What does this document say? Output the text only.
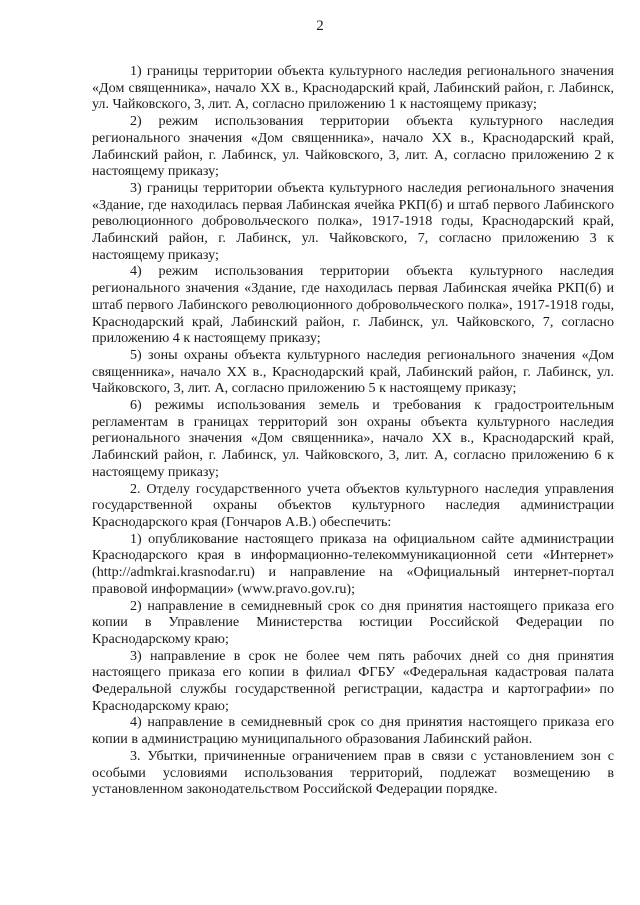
2

1) границы территории объекта культурного наследия регионального значения «Дом священника», начало XX в., Краснодарский край, Лабинский район, г. Лабинск, ул. Чайковского, 3, лит. А, согласно приложению 1 к настоящему приказу;

2) режим использования территории объекта культурного наследия регионального значения «Дом священника», начало XX в., Краснодарский край, Лабинский район, г. Лабинск, ул. Чайковского, 3, лит. А, согласно приложению 2 к настоящему приказу;

3) границы территории объекта культурного наследия регионального значения «Здание, где находилась первая Лабинская ячейка РКП(б) и штаб первого Лабинского революционного добровольческого полка», 1917-1918 годы, Краснодарский край, Лабинский район, г. Лабинск, ул. Чайковского, 7, согласно приложению 3 к настоящему приказу;

4) режим использования территории объекта культурного наследия регионального значения «Здание, где находилась первая Лабинская ячейка РКП(б) и штаб первого Лабинского революционного добровольческого полка», 1917-1918 годы, Краснодарский край, Лабинский район, г. Лабинск, ул. Чайковского, 7, согласно приложению 4 к настоящему приказу;

5) зоны охраны объекта культурного наследия регионального значения «Дом священника», начало XX в., Краснодарский край, Лабинский район, г. Лабинск, ул. Чайковского, 3, лит. А, согласно приложению 5 к настоящему приказу;

6) режимы использования земель и требования к градостроительным регламентам в границах территорий зон охраны объекта культурного наследия регионального значения «Дом священника», начало XX в., Краснодарский край, Лабинский район, г. Лабинск, ул. Чайковского, 3, лит. А, согласно приложению 6 к настоящему приказу;

2. Отделу государственного учета объектов культурного наследия управления государственной охраны объектов культурного наследия администрации Краснодарского края (Гончаров А.В.) обеспечить:

1) опубликование настоящего приказа на официальном сайте администрации Краснодарского края в информационно-телекоммуникационной сети «Интернет» (http://admkrai.krasnodar.ru) и направление на «Официальный интернет-портал правовой информации» (www.pravo.gov.ru);

2) направление в семидневный срок со дня принятия настоящего приказа его копии в Управление Министерства юстиции Российской Федерации по Краснодарскому краю;

3) направление в срок не более чем пять рабочих дней со дня принятия настоящего приказа его копии в филиал ФГБУ «Федеральная кадастровая палата Федеральной службы государственной регистрации, кадастра и картографии» по Краснодарскому краю;

4) направление в семидневный срок со дня принятия настоящего приказа его копии в администрацию муниципального образования Лабинский район.

3. Убытки, причиненные ограничением прав в связи с установлением зон с особыми условиями использования территорий, подлежат возмещению в установленном законодательством Российской Федерации порядке.
